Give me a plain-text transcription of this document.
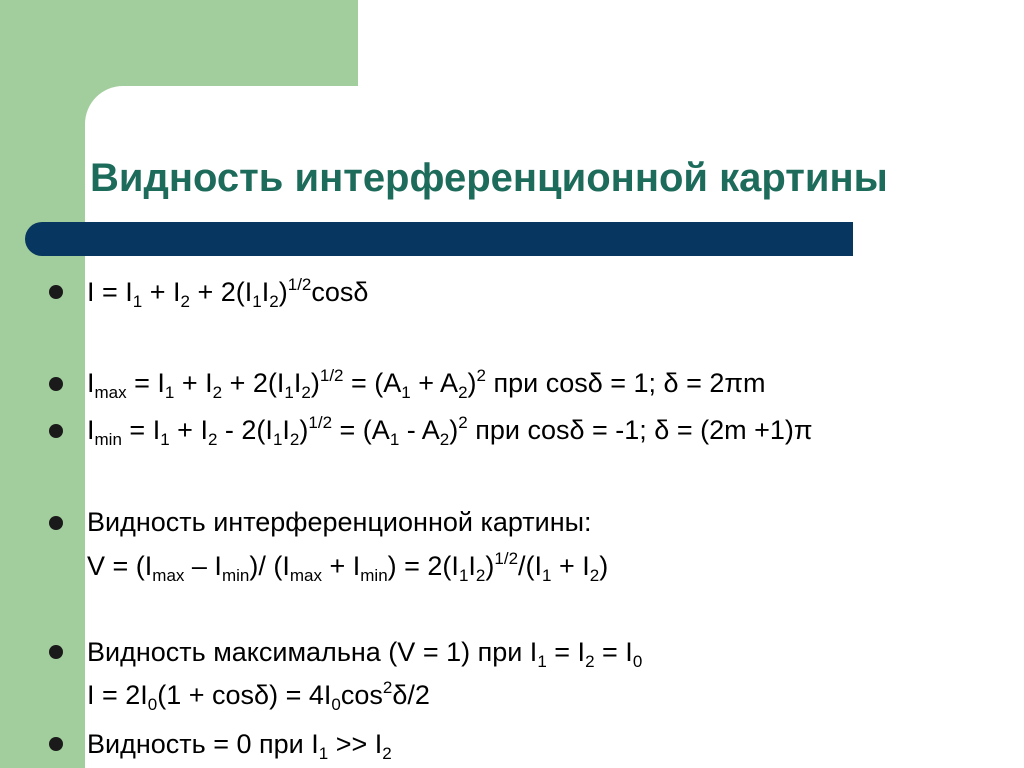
Видность интерференционной картины
$I = I_1 + I_2 + 2(I_1I_2)^{1/2}\cos\delta$
$I_{max} = I_1 + I_2 + 2(I_1I_2)^{1/2} = (A_1 + A_2)^2$ при cosδ = 1; δ = 2πm
$I_{min} = I_1 + I_2 - 2(I_1I_2)^{1/2} = (A_1 - A_2)^2$ при cosδ = -1; δ = (2m +1)π
Видность интерференционной картины:
$V = (I_{max} - I_{min})/$ $(I_{max} + I_{min}) = 2(I_1I_2)^{1/2}/(I_1 + I_2)$
Видность максимальна (V = 1) при $I_1 = I_2 = I_0$
$I = 2I_0(1 + \cos\delta) = 4I_0\cos^2\delta/2$
Видность = 0 при $I_1 >> I_2$
